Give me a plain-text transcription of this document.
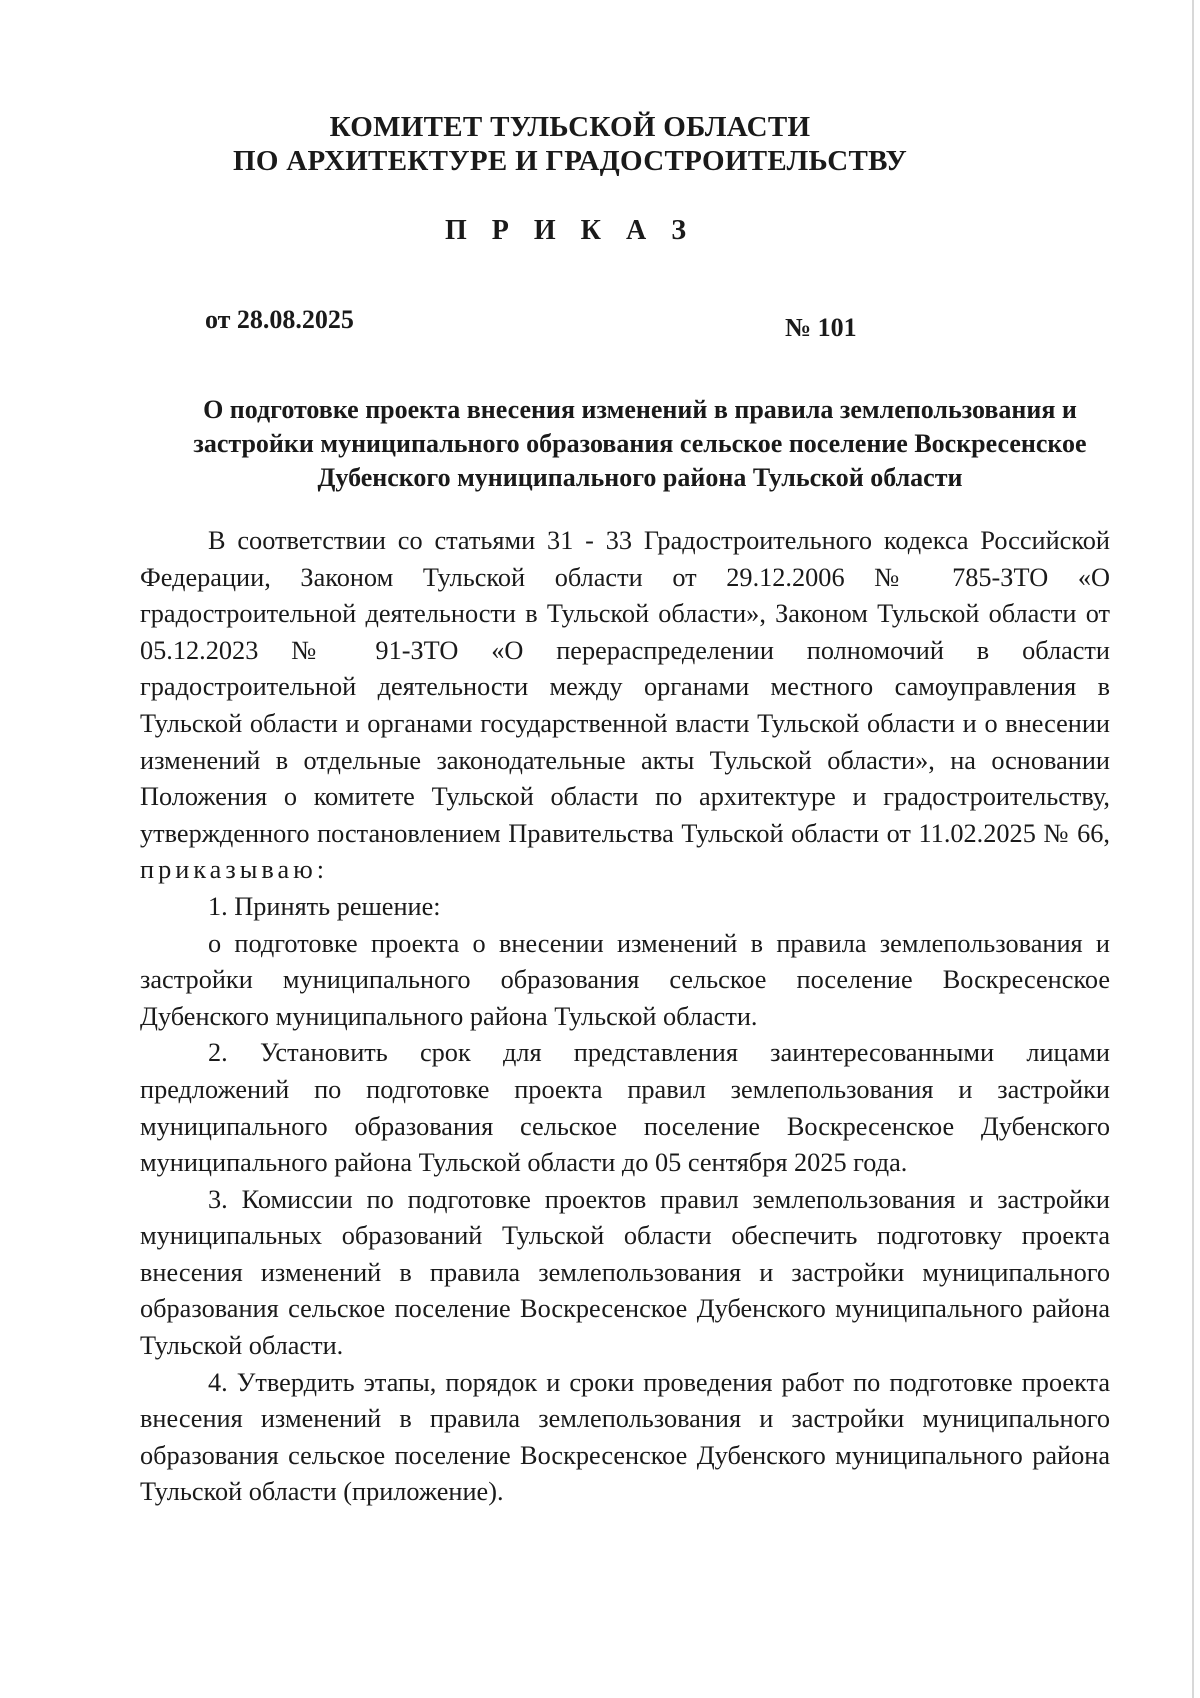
КОМИТЕТ ТУЛЬСКОЙ ОБЛАСТИ
ПО АРХИТЕКТУРЕ И ГРАДОСТРОИТЕЛЬСТВУ
П Р И К А З
от 28.08.2025	№ 101
О подготовке проекта внесения изменений в правила землепользования и застройки муниципального образования сельское поселение Воскресенское Дубенского муниципального района Тульской области

В соответствии со статьями 31 - 33 Градостроительного кодекса Российской Федерации, Законом Тульской области от 29.12.2006 № 785-ЗТО «О градостроительной деятельности в Тульской области», Законом Тульской области от 05.12.2023 № 91-ЗТО «О перераспределении полномочий в области градостроительной деятельности между органами местного самоуправления в Тульской области и органами государственной власти Тульской области и о внесении изменений в отдельные законодательные акты Тульской области», на основании Положения о комитете Тульской области по архитектуре и градостроительству, утвержденного постановлением Правительства Тульской области от 11.02.2025 № 66, приказываю:

1. Принять решение:

о подготовке проекта о внесении изменений в правила землепользования и застройки муниципального образования сельское поселение Воскресенское Дубенского муниципального района Тульской области.

2. Установить срок для представления заинтересованными лицами предложений по подготовке проекта правил землепользования и застройки муниципального образования сельское поселение Воскресенское Дубенского муниципального района Тульской области до 05 сентября 2025 года.

3. Комиссии по подготовке проектов правил землепользования и застройки муниципальных образований Тульской области обеспечить подготовку проекта внесения изменений в правила землепользования и застройки муниципального образования сельское поселение Воскресенское Дубенского муниципального района Тульской области.

4. Утвердить этапы, порядок и сроки проведения работ по подготовке проекта внесения изменений в правила землепользования и застройки муниципального образования сельское поселение Воскресенское Дубенского муниципального района Тульской области (приложение).
